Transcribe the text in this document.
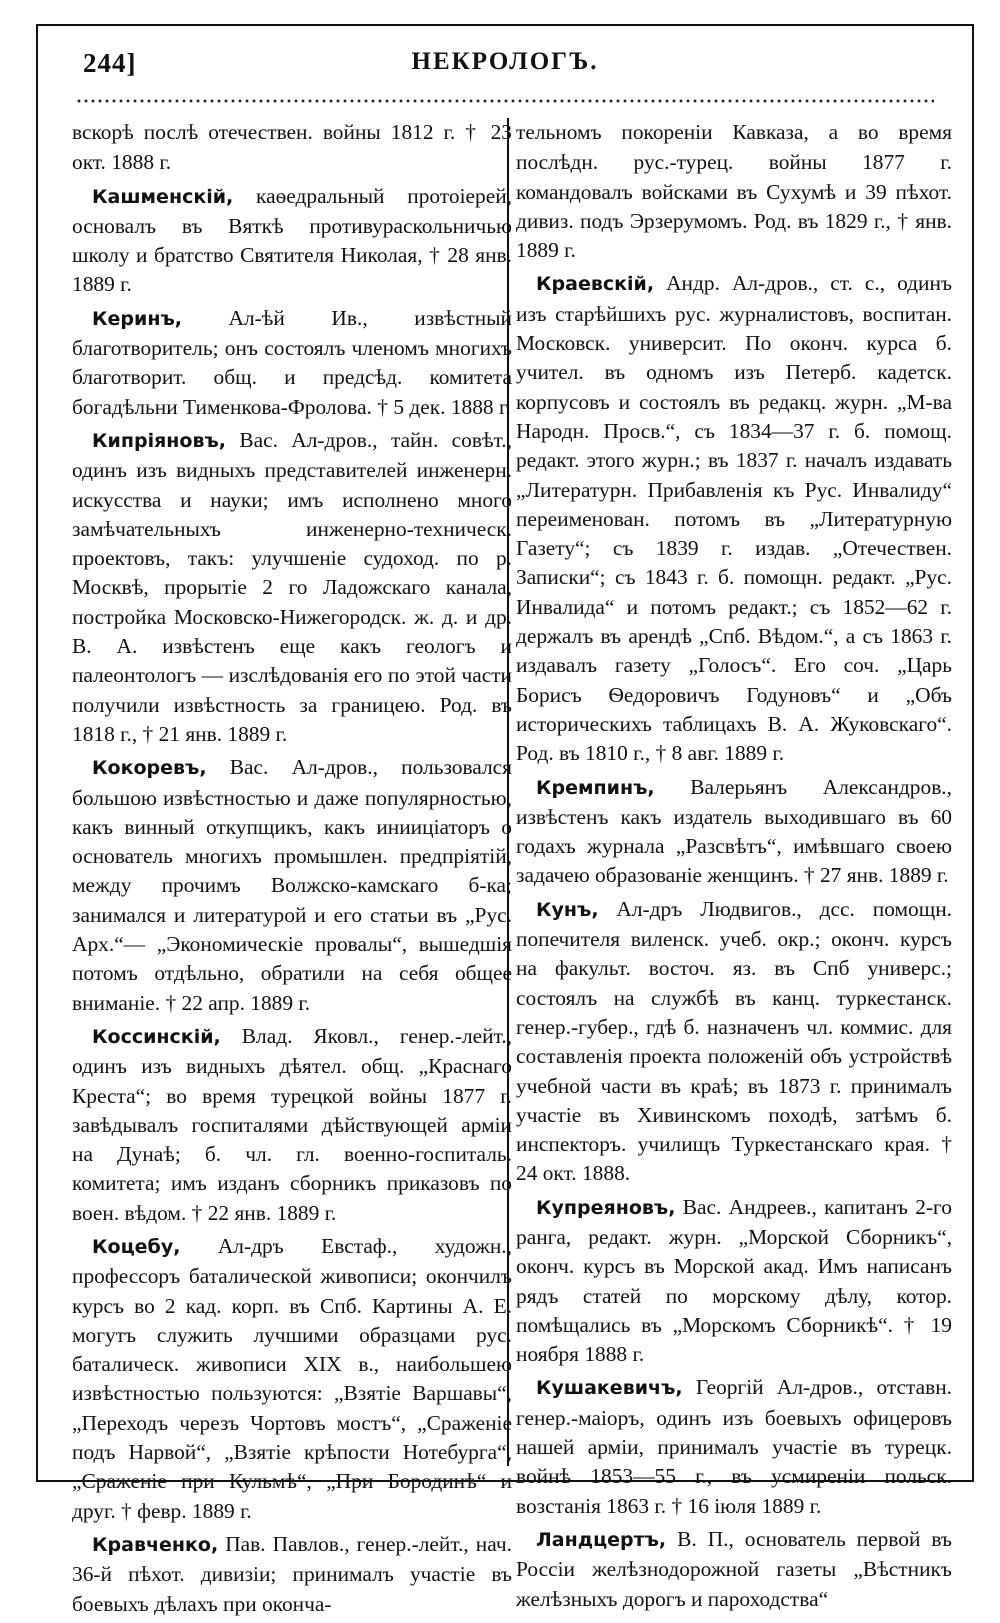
244]	НЕКРОЛОГЪ.

вскорѣ послѣ отечествен. войны 1812 г. † 23 окт. 1888 г.

Кашменскій, каѳедральный протоіерей, основалъ въ Вяткѣ противураскольничью школу и братство Святителя Николая, † 28 янв. 1889 г.

Керинъ, Ал-ѣй Ив., извѣстный благотворитель; онъ состоялъ членомъ многихъ благотворит. общ. и предсѣд. комитета богадѣльни Тименкова-Фролова. † 5 дек. 1888 г.

Кипріяновъ, Вас. Ал-дров., тайн. совѣт., одинъ изъ видныхъ представителей инженерн. искусства и науки; имъ исполнено много замѣчательныхъ инженерно-техническ. проектовъ, такъ: улучшеніе судоход. по р. Москвѣ, прорытіе 2 го Ладожскаго канала, постройка Московско-Нижегородск. ж. д. и др. В. А. извѣстенъ еще какъ геологъ и палеонтологъ — изслѣдованія его по этой части получили извѣстность за границею. Род. въ 1818 г., † 21 янв. 1889 г.

Кокоревъ, Вас. Ал-дров., пользовался большою извѣстностью и даже популярностью, какъ винный откупщикъ, какъ инииціаторъ о основатель многихъ промышлен. предпріятій, между прочимъ Волжско-камскаго б-ка; занимался и литературой и его статьи въ „Рус. Арх.“— „Экономическіе провалы“, вышедшія потомъ отдѣльно, обратили на себя общее вниманіе. † 22 апр. 1889 г.

Коссинскій, Влад. Яковл., генер.-лейт., одинъ изъ видныхъ дѣятел. общ. „Краснаго Креста“; во время турецкой войны 1877 г. завѣдывалъ госпиталями дѣйствующей арміи на Дунаѣ; б. чл. гл. военно-госпиталь. комитета; имъ изданъ сборникъ приказовъ по воен. вѣдом. † 22 янв. 1889 г.

Коцебу, Ал-дръ Евстаф., художн., профессоръ баталической живописи; окончилъ курсъ во 2 кад. корп. въ Спб. Картины А. Е. могутъ служить лучшими образцами рус. баталическ. живописи XIX в., наибольшею извѣстностью пользуются: „Взятіе Варшавы“, „Переходъ черезъ Чортовъ мостъ“, „Сраженіе подъ Нарвой“, „Взятіе крѣпости Нотебурга“, „Сраженіе при Кульмѣ“, „При Бородинѣ“ и друг. † февр. 1889 г.

Кравченко, Пав. Павлов., генер.-лейт., нач. 36-й пѣхот. дивизіи; принималъ участіе въ боевыхъ дѣлахъ при оконча-

тельномъ покореніи Кавказа, а во время послѣдн. рус.-турец. войны 1877 г. командовалъ войсками въ Сухумѣ и 39 пѣхот. дивиз. подъ Эрзерумомъ. Род. въ 1829 г., † янв. 1889 г.

Краевскій, Андр. Ал-дров., ст. с., одинъ изъ старѣйшихъ рус. журналистовъ, воспитан. Московск. университ. По оконч. курса б. учител. въ одномъ изъ Петерб. кадетск. корпусовъ и состоялъ въ редакц. журн. „М-ва Народн. Просв.“, съ 1834—37 г. б. помощ. редакт. этого журн.; въ 1837 г. началъ издавать „Литературн. Прибавленія къ Рус. Инвалиду“ переименован. потомъ въ „Литературную Газету“; съ 1839 г. издав. „Отечествен. Записки“; съ 1843 г. б. помощн. редакт. „Рус. Инвалида“ и потомъ редакт.; съ 1852—62 г. держалъ въ арендѣ „Спб. Вѣдом.“, а съ 1863 г. издавалъ газету „Голосъ“. Его соч. „Царь Борисъ Ѳедоровичъ Годуновъ“ и „Объ историческихъ таблицахъ В. А. Жуковскаго“. Род. въ 1810 г., † 8 авг. 1889 г.

Кремпинъ, Валерьянъ Александров., извѣстенъ какъ издатель выходившаго въ 60 годахъ журнала „Разсвѣтъ“, имѣвшаго своею задачею образованіе женщинъ. † 27 янв. 1889 г.

Кунъ, Ал-дръ Людвигов., дсс. помощн. попечителя виленск. учеб. окр.; оконч. курсъ на факульт. восточ. яз. въ Спб универс.; состоялъ на службѣ въ канц. туркестанск. генер.-губер., гдѣ б. назначенъ чл. коммис. для составленія проекта положеній объ устройствѣ учебной части въ краѣ; въ 1873 г. принималъ участіе въ Хивинскомъ походѣ, затѣмъ б. инспекторъ. училищъ Туркестанскаго края. † 24 окт. 1888.

Купреяновъ, Вас. Андреев., капитанъ 2-го ранга, редакт. журн. „Морской Сборникъ“, оконч. курсъ въ Морской акад. Имъ написанъ рядъ статей по морскому дѣлу, котор. помѣщались въ „Морскомъ Сборникѣ“. † 19 ноября 1888 г.

Кушакевичъ, Георгій Ал-дров., отставн. генер.-маіоръ, одинъ изъ боевыхъ офицеровъ нашей арміи, принималъ участіе въ турецк. войнѣ 1853—55 г., въ усмиреніи польск. возстанія 1863 г. † 16 іюля 1889 г.

Ландцертъ, В. П., основатель первой въ Россіи желѣзнодорожной газеты „Вѣстникъ желѣзныхъ дорогъ и пароходства“
